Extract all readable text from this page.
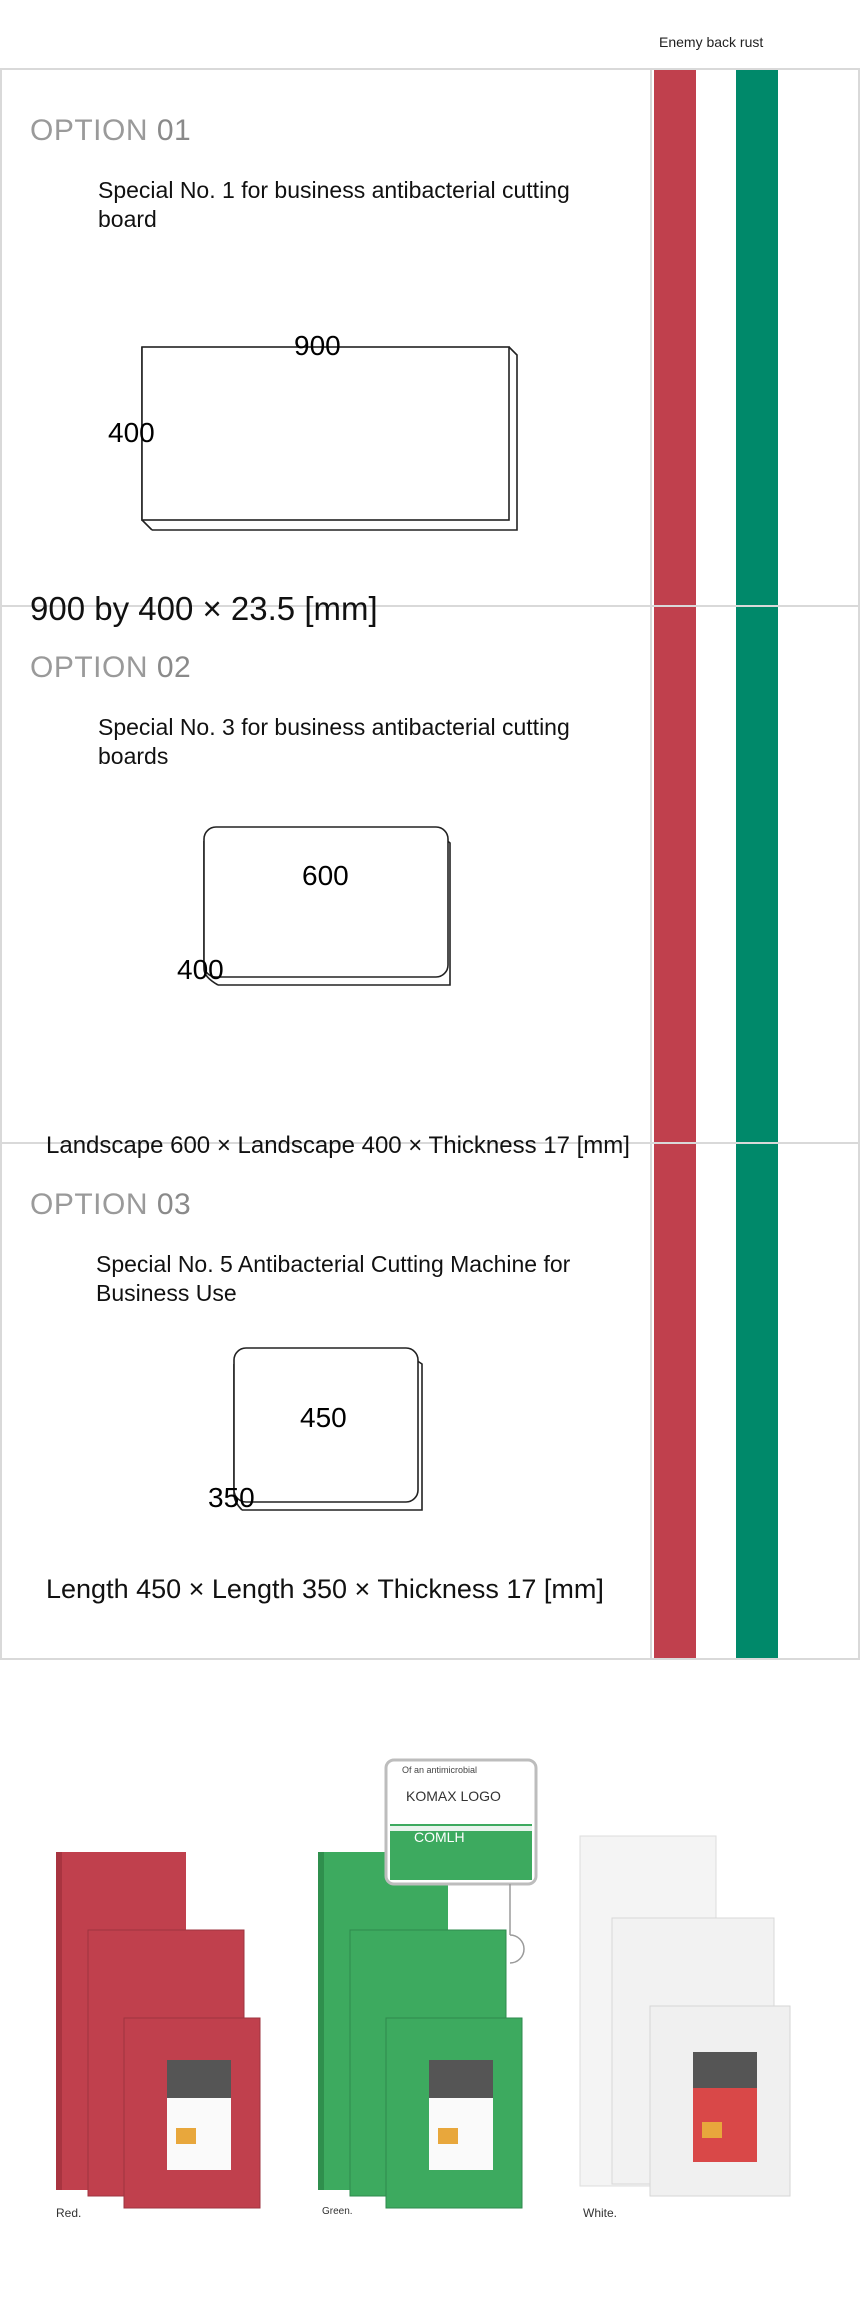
Enemy back rust
OPTION 01
Special No. 1 for business antibacterial cutting board
900
400
900 by 400 × 23.5 [mm]
OPTION 02
Special No. 3 for business antibacterial cutting boards
600
400
Landscape 600 × Landscape 400 × Thickness 17 [mm]
OPTION 03
Special No. 5 Antibacterial Cutting Machine for Business Use
450
350
Length 450 × Length 350 × Thickness 17 [mm]
Of an antimicrobial
KOMAX LOGO
COMLH
Red.	Green.	White.
